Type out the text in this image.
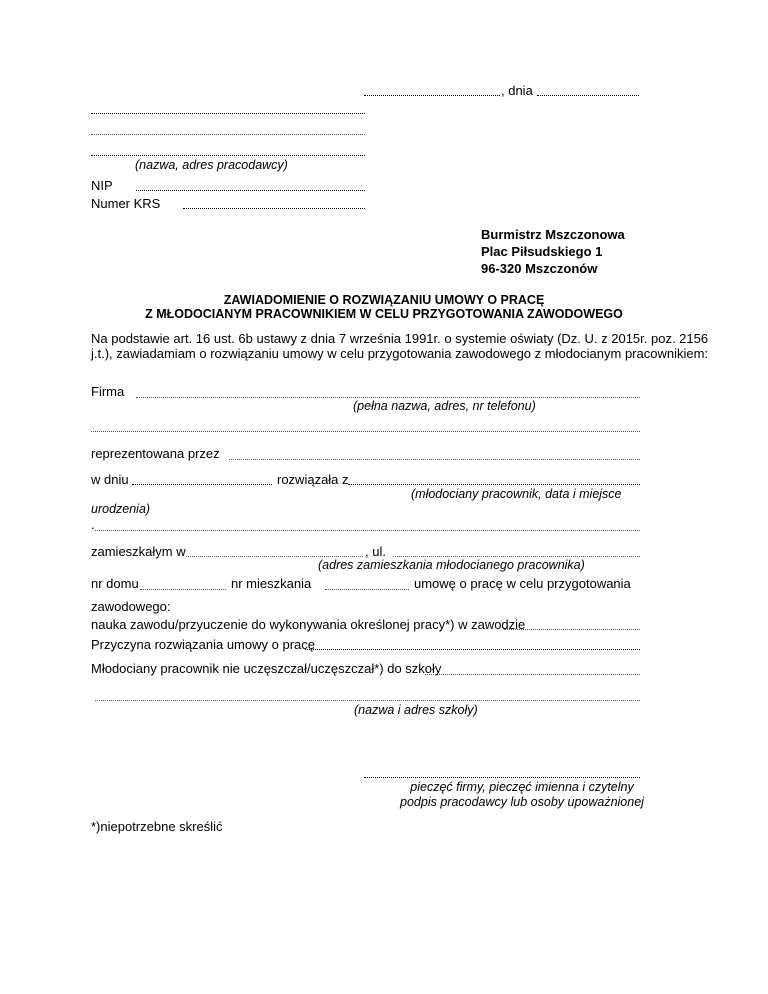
, dnia
(nazwa, adres pracodawcy)
NIP
Numer KRS
Burmistrz Mszczonowa
Plac Piłsudskiego 1
96-320 Mszczonów
ZAWIADOMIENIE O ROZWIĄZANIU UMOWY O PRACĘ
Z MŁODOCIANYM PRACOWNIKIEM W CELU PRZYGOTOWANIA ZAWODOWEGO
Na podstawie art. 16 ust. 6b ustawy z dnia 7 września 1991r. o systemie oświaty (Dz. U. z 2015r. poz. 2156
j.t.), zawiadamiam o rozwiązaniu umowy w celu przygotowania zawodowego z młodocianym pracownikiem:
Firma
(pełna nazwa, adres, nr telefonu)
reprezentowana przez
w dniu	rozwiązała z
(młodociany pracownik, data i miejsce
urodzenia)
.
zamieszkałym w	, ul.
(adres zamieszkania młodocianego pracownika)
nr domu	nr mieszkania	umowę o pracę w celu przygotowania
zawodowego:
nauka zawodu/przyuczenie do wykonywania określonej pracy*) w zawodzie
Przyczyna rozwiązania umowy o pracę
Młodociany pracownik nie uczęszczał/uczęszczał*) do szkoły
(nazwa i adres szkoły)
pieczęć firmy, pieczęć imienna i czytelny
podpis pracodawcy lub osoby upoważnionej
*)niepotrzebne skreślić
